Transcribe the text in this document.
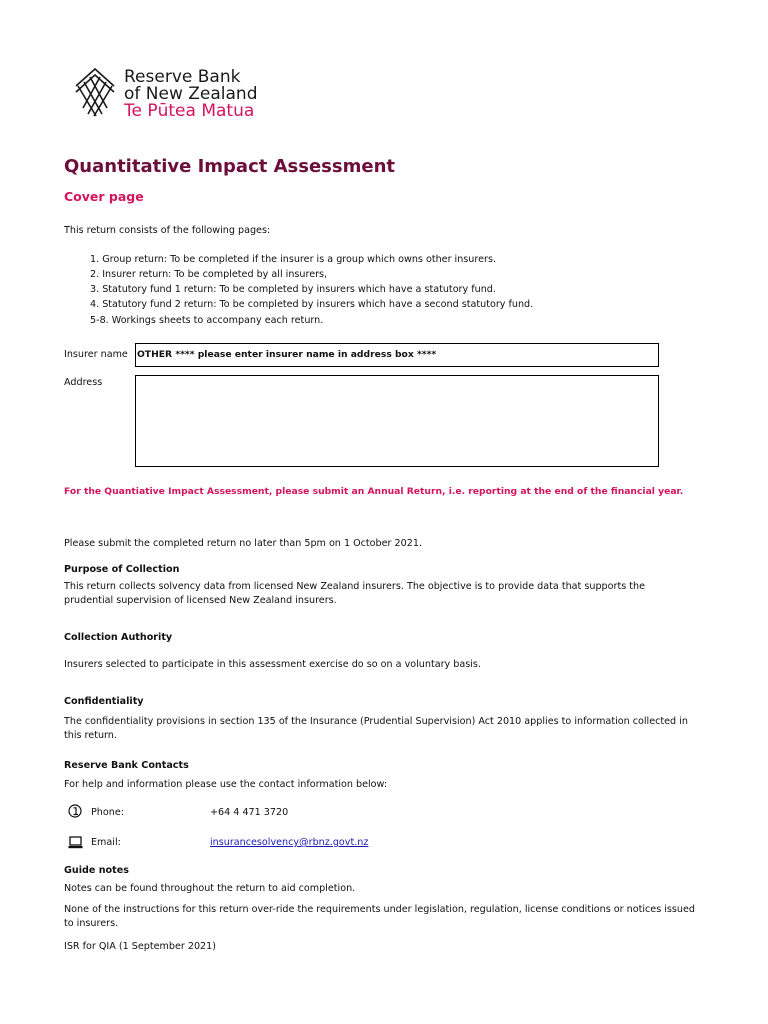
Reserve Bank
of New Zealand
Te Pūtea Matua
Quantitative Impact Assessment
Cover page
This return consists of the following pages:
1. Group return: To be completed if the insurer is a group which owns other insurers.
2. Insurer return: To be completed by all insurers,
3. Statutory fund 1 return: To be completed by insurers which have a statutory fund.
4. Statutory fund 2 return: To be completed by insurers which have a second statutory fund.
5-8. Workings sheets to accompany each return.
Insurer name OTHER **** please enter insurer name in address box ****
Address
For the Quantiative Impact Assessment, please submit an Annual Return, i.e. reporting at the end of the financial year.
Please submit the completed return no later than 5pm on 1 October 2021.
Purpose of Collection
This return collects solvency data from licensed New Zealand insurers. The objective is to provide data that supports the prudential supervision of licensed New Zealand insurers.
Collection Authority
Insurers selected to participate in this assessment exercise do so on a voluntary basis.
Confidentiality
The confidentiality provisions in section 135 of the Insurance (Prudential Supervision) Act 2010 applies to information collected in this return.
Reserve Bank Contacts
For help and information please use the contact information below:
Phone:	+64 4 471 3720
Email:	insurancesolvency@rbnz.govt.nz
Guide notes
Notes can be found throughout the return to aid completion.
None of the instructions for this return over-ride the requirements under legislation, regulation, license conditions or notices issued to insurers.
ISR for QIA (1 September 2021)
